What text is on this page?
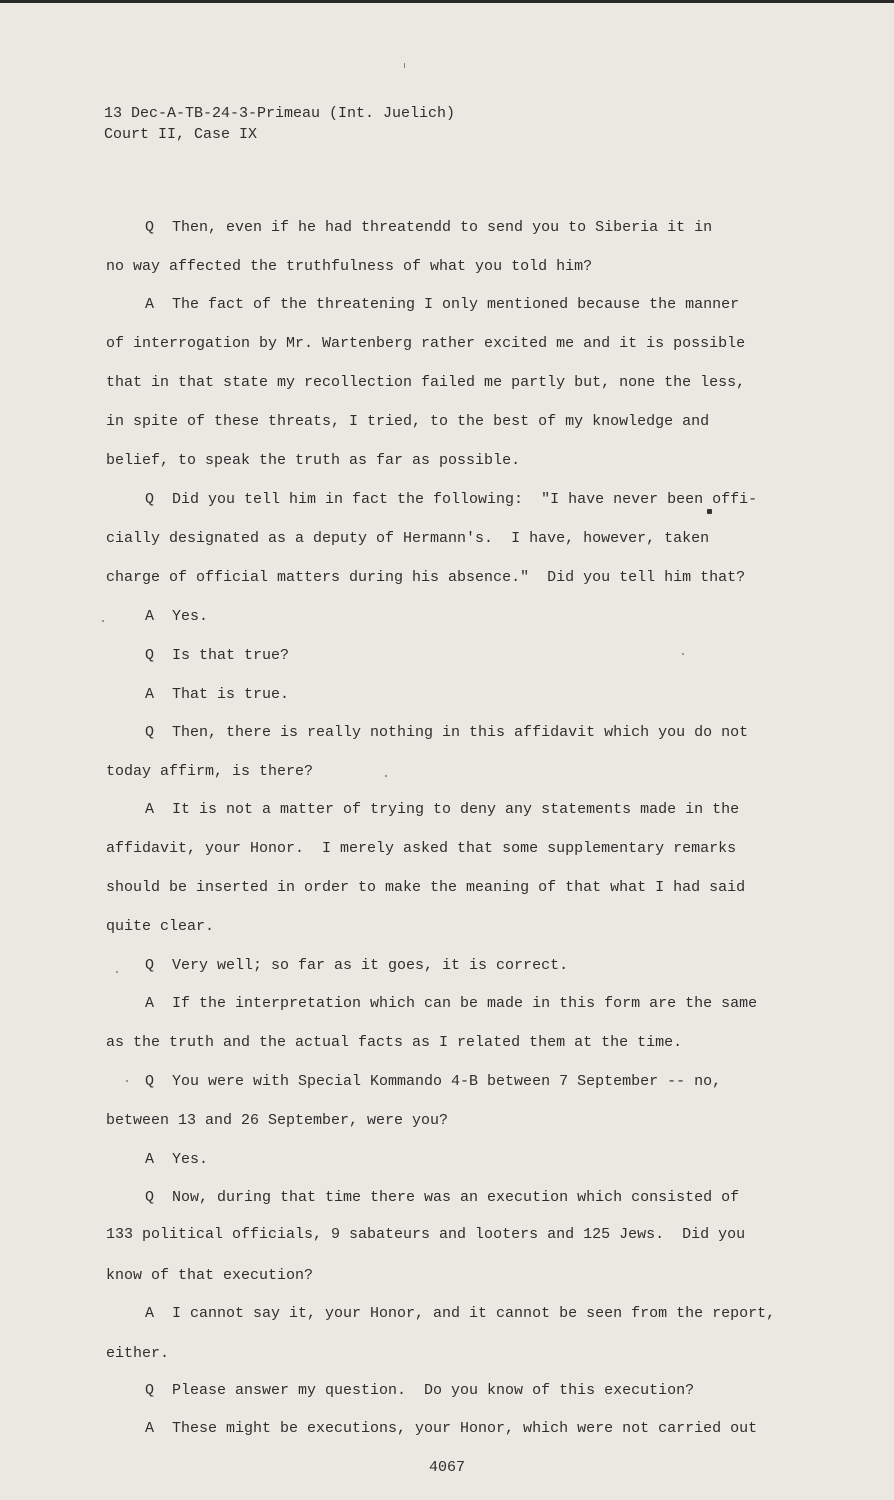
13 Dec-A-TB-24-3-Primeau (Int. Juelich)
Court II, Case IX
Q  Then, even if he had threatendd to send you to Siberia it in
no way affected the truthfulness of what you told him?
A  The fact of the threatening I only mentioned because the manner
of interrogation by Mr. Wartenberg rather excited me and it is possible
that in that state my recollection failed me partly but, none the less,
in spite of these threats, I tried, to the best of my knowledge and
belief, to speak the truth as far as possible.
Q  Did you tell him in fact the following:  "I have never been offi-
cially designated as a deputy of Hermann's.  I have, however, taken
charge of official matters during his absence."  Did you tell him that?
A  Yes.
Q  Is that true?
A  That is true.
Q  Then, there is really nothing in this affidavit which you do not
today affirm, is there?
A  It is not a matter of trying to deny any statements made in the
affidavit, your Honor.  I merely asked that some supplementary remarks
should be inserted in order to make the meaning of that what I had said
quite clear.
Q  Very well; so far as it goes, it is correct.
A  If the interpretation which can be made in this form are the same
as the truth and the actual facts as I related them at the time.
Q  You were with Special Kommando 4-B between 7 September -- no,
between 13 and 26 September, were you?
A  Yes.
Q  Now, during that time there was an execution which consisted of
133 political officials, 9 sabateurs and looters and 125 Jews.  Did you
know of that execution?
A  I cannot say it, your Honor, and it cannot be seen from the report,
either.
Q  Please answer my question.  Do you know of this execution?
A  These might be executions, your Honor, which were not carried out
4067
